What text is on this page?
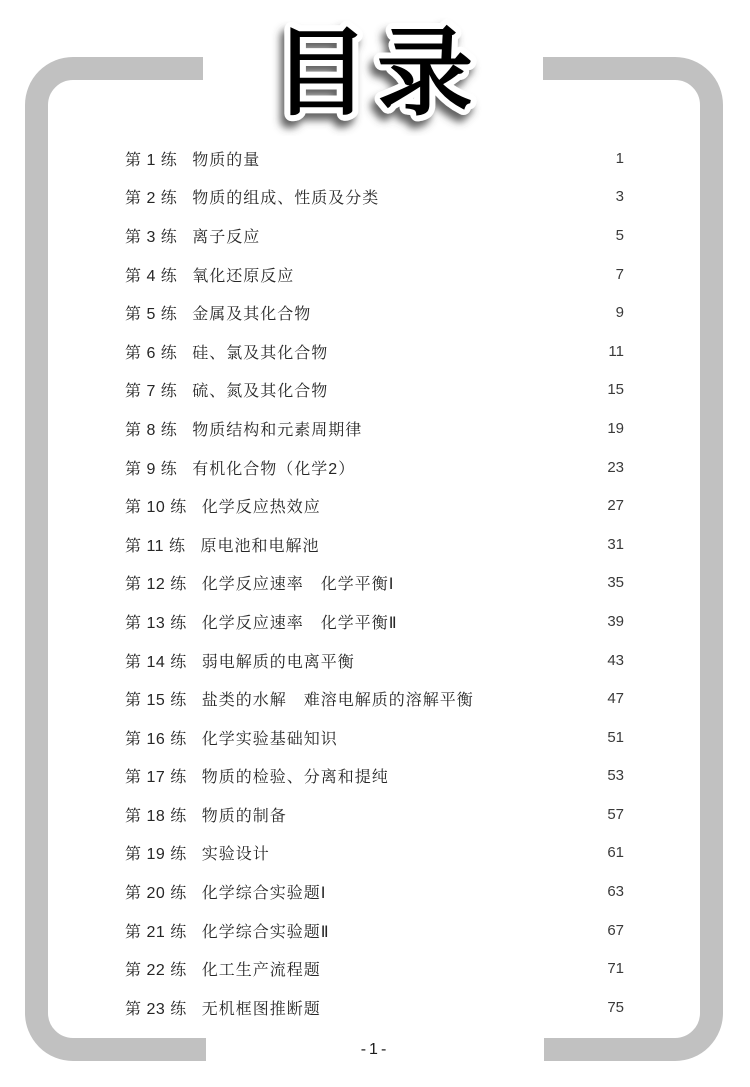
目录
第 1 练 物质的量	1
第 2 练 物质的组成、性质及分类	3
第 3 练 离子反应	5
第 4 练 氧化还原反应	7
第 5 练 金属及其化合物	9
第 6 练 硅、氯及其化合物	11
第 7 练 硫、氮及其化合物	15
第 8 练 物质结构和元素周期律	19
第 9 练 有机化合物（化学2）	23
第 10 练 化学反应热效应	27
第 11 练 原电池和电解池	31
第 12 练 化学反应速率　化学平衡Ⅰ	35
第 13 练 化学反应速率　化学平衡Ⅱ	39
第 14 练 弱电解质的电离平衡	43
第 15 练 盐类的水解　难溶电解质的溶解平衡	47
第 16 练 化学实验基础知识	51
第 17 练 物质的检验、分离和提纯	53
第 18 练 物质的制备	57
第 19 练 实验设计	61
第 20 练 化学综合实验题Ⅰ	63
第 21 练 化学综合实验题Ⅱ	67
第 22 练 化工生产流程题	71
第 23 练 无机框图推断题	75
-1-
